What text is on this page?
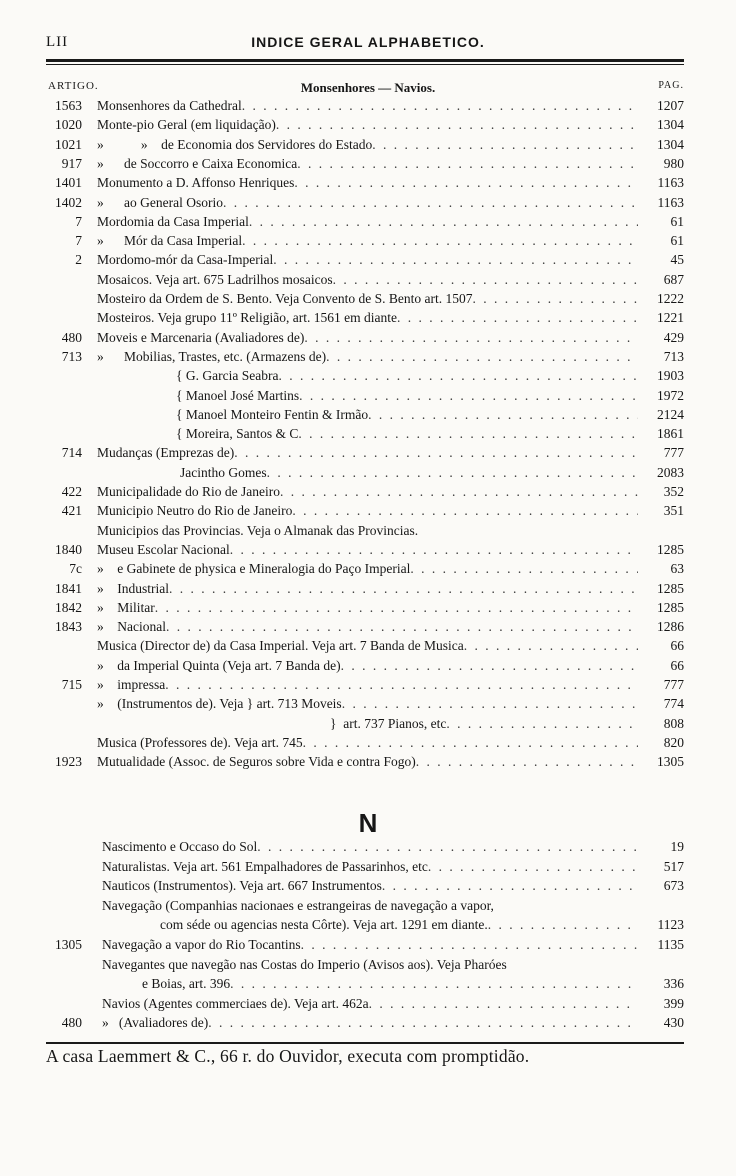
LII	INDICE GERAL ALPHABETICO.
ARTIGO.	Monsenhores — Navios.	PAG.
1563 Monsenhores da Cathedral . . .	1207
1020 Monte-pio Geral (em liquidação) . . .	1304
1021 »           »    de Economia dos Servidores do Estado . . .	1304
917 »      de Soccorro e Caixa Economica . . .	980
1401 Monumento a D. Affonso Henriques . . .	1163
1402 »      ao General Osorio . . .	1163
7 Mordomia da Casa Imperial . . .	61
7 »      Mór da Casa Imperial . . .	61
2 Mordomo-mór da Casa-Imperial . . .	45
Mosaicos. Veja art. 675 Ladrilhos mosaicos . . .	687
Mosteiro da Ordem de S. Bento. Veja Convento de S. Bento art. 1507 . . .	1222
Mosteiros. Veja grupo 11º Religião, art. 1561 em diante . . .	1221
480 Moveis e Marcenaria (Avaliadores de) . . .	429
713 »      Mobilias, Trastes, etc. (Armazens de) . . .	713
{ G. Garcia Seabra . . .	1903
{ Manoel José Martins . . .	1972
{ Manoel Monteiro Fentin & Irmão . . .	2124
{ Moreira, Santos & C . . .	1861
714 Mudanças (Emprezas de) . . .	777
Jacintho Gomes . . .	2083
422 Municipalidade do Rio de Janeiro . . .	352
421 Municipio Neutro do Rio de Janeiro . . .	351
Municipios das Provincias. Veja o Almanak das Provincias.
1840 Museu Escolar Nacional . . .	1285
7c »    e Gabinete de physica e Mineralogia do Paço Imperial . . .	63
1841 »    Industrial . . .	1285
1842 »    Militar . . .	1285
1843 »    Nacional . . .	1286
Musica (Director de) da Casa Imperial. Veja art. 7 Banda de Musica . . .	66
»    da Imperial Quinta (Veja art. 7 Banda de) . . .	66
715 »    impressa . . .	777
»    (Instrumentos de). Veja } art. 713 Moveis . . .	774
}  art. 737 Pianos, etc . . .	808
Musica (Professores de). Veja art. 745 . . .	820
1923 Mutualidade (Assoc. de Seguros sobre Vida e contra Fogo) . . .	1305
N
Nascimento e Occaso do Sol . . .	19
Naturalistas. Veja art. 561 Empalhadores de Passarinhos, etc . . .	517
Nauticos (Instrumentos). Veja art. 667 Instrumentos . . .	673
Navegação (Companhias nacionaes e estrangeiras de navegação a vapor,
com séde ou agencias nesta Côrte). Veja art. 1291 em diante. . . .	1123
1305 Navegação a vapor do Rio Tocantins . . .	1135
Navegantes que navegão nas Costas do Imperio (Avisos aos). Veja Pharóes
e Boias, art. 396 . . .	336
Navios (Agentes commerciaes de). Veja art. 462a . . .	399
480 »   (Avaliadores de) . . .	430
A casa Laemmert & C., 66 r. do Ouvidor, executa com promptidão.
